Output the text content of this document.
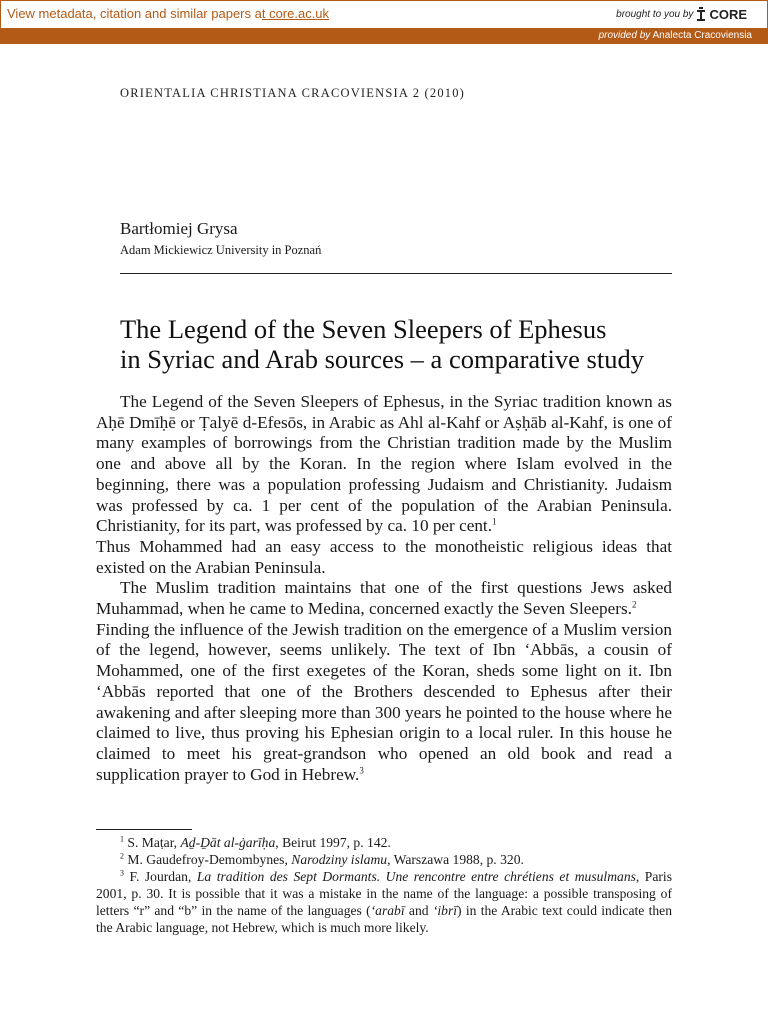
View metadata, citation and similar papers at core.ac.uk	brought to you by CORE
provided by Analecta Cracoviensia
ORIENTALIA CHRISTIANA CRACOVIENSIA 2 (2010)
Bartłomiej Grysa
Adam Mickiewicz University in Poznań
The Legend of the Seven Sleepers of Ephesus
in Syriac and Arab sources – a comparative study

The Legend of the Seven Sleepers of Ephesus, in the Syriac tradition known as Aḥē Dmīḥē or Ṭalyē d-Efesōs, in Arabic as Ahl al-Kahf or Aṣḥāb al-Kahf, is one of many examples of borrowings from the Christian tradition made by the Muslim one and above all by the Koran. In the region where Islam evolved in the beginning, there was a population professing Judaism and Christianity. Judaism was professed by ca. 1 per cent of the population of the Arabian Peninsula. Christianity, for its part, was professed by ca. 10 per cent.$^1$
Thus Mohammed had an easy access to the monotheistic religious ideas that existed on the Arabian Peninsula.

The Muslim tradition maintains that one of the first questions Jews asked Muhammad, when he came to Medina, concerned exactly the Seven Sleepers.$^2$
Finding the influence of the Jewish tradition on the emergence of a Muslim version of the legend, however, seems unlikely. The text of Ibn ‘Abbās, a cousin of Mohammed, one of the first exegetes of the Koran, sheds some light on it. Ibn ‘Abbās reported that one of the Brothers descended to Ephesus after their awakening and after sleeping more than 300 years he pointed to the house where he claimed to live, thus proving his Ephesian origin to a local ruler. In this house he claimed to meet his great-grandson who opened an old book and read a supplication prayer to God in Hebrew.$^3$

$^1$ S. Maṭar, Aḏ-Ḏāt al-ġarīḥa, Beirut 1997, p. 142.

$^2$ M. Gaudefroy-Demombynes, Narodziny islamu, Warszawa 1988, p. 320.

$^3$ F. Jourdan, La tradition des Sept Dormants. Une rencontre entre chrétiens et musulmans, Paris 2001, p. 30. It is possible that it was a mistake in the name of the language: a possible transposing of letters “r” and “b” in the name of the languages (‘arabī and ‘ibrī) in the Arabic text could indicate then the Arabic language, not Hebrew, which is much more likely.
